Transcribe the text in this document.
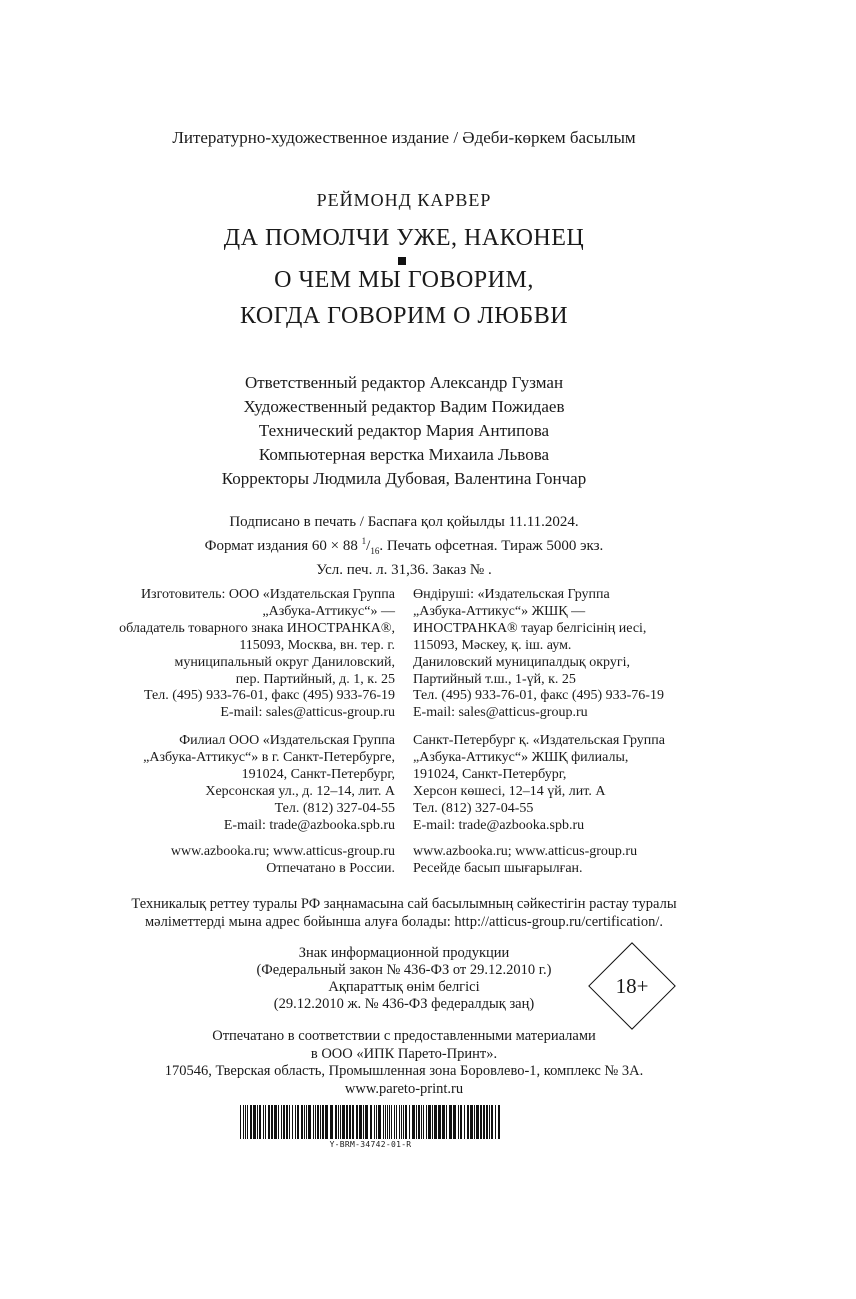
Литературно-художественное издание / Әдеби-көркем басылым
РЕЙМОНД КАРВЕР
ДА ПОМОЛЧИ УЖЕ, НАКОНЕЦ
О ЧЕМ МЫ ГОВОРИМ,
КОГДА ГОВОРИМ О ЛЮБВИ
Ответственный редактор Александр Гузман
Художественный редактор Вадим Пожидаев
Технический редактор Мария Антипова
Компьютерная верстка Михаила Львова
Корректоры Людмила Дубовая, Валентина Гончар
Подписано в печать / Баспаға қол қойылды 11.11.2024.
Формат издания 60 × 88 $^1/_{16}$. Печать офсетная. Тираж 5000 экз.
Усл. печ. л. 31,36. Заказ № .
Изготовитель: ООО «Издательская Группа
„Азбука-Аттикус“» —
обладатель товарного знака ИНОСТРАНКА®,
115093, Москва, вн. тер. г.
муниципальный округ Даниловский,
пер. Партийный, д. 1, к. 25
Тел. (495) 933-76-01, факс (495) 933-76-19
E-mail: sales@atticus-group.ru
Өндіруші: «Издательская Группа
„Азбука-Аттикус“» ЖШҚ —
ИНОСТРАНКА® тауар белгісінің иесі,
115093, Мәскеу, қ. іш. аум.
Даниловский муниципалдық округі,
Партийный т.ш., 1-үй, к. 25
Тел. (495) 933-76-01, факс (495) 933-76-19
E-mail: sales@atticus-group.ru
Филиал ООО «Издательская Группа
„Азбука-Аттикус“» в г. Санкт-Петербурге,
191024, Санкт-Петербург,
Херсонская ул., д. 12–14, лит. А
Тел. (812) 327-04-55
E-mail: trade@azbooka.spb.ru
Санкт-Петербург қ. «Издательская Группа
„Азбука-Аттикус“» ЖШҚ филиалы,
191024, Санкт-Петербург,
Херсон көшесі, 12–14 үй, лит. А
Тел. (812) 327-04-55
E-mail: trade@azbooka.spb.ru
www.azbooka.ru; www.atticus-group.ru
Отпечатано в России.
www.azbooka.ru; www.atticus-group.ru
Ресейде басып шығарылған.
Техникалық реттеу туралы РФ заңнамасына сай басылымның сәйкестігін растау туралы
мәліметтерді мына адрес бойынша алуға болады: http://atticus-group.ru/certification/.
Знак информационной продукции
(Федеральный закон № 436-ФЗ от 29.12.2010 г.)
Ақпараттық өнім белгісі
(29.12.2010 ж. № 436-ФЗ федералдық заң)
18+
Отпечатано в соответствии с предоставленными материалами
в ООО «ИПК Парето-Принт».
170546, Тверская область, Промышленная зона Боровлево-1, комплекс № 3А.
www.pareto-print.ru
Y-BRM-34742-01-R
